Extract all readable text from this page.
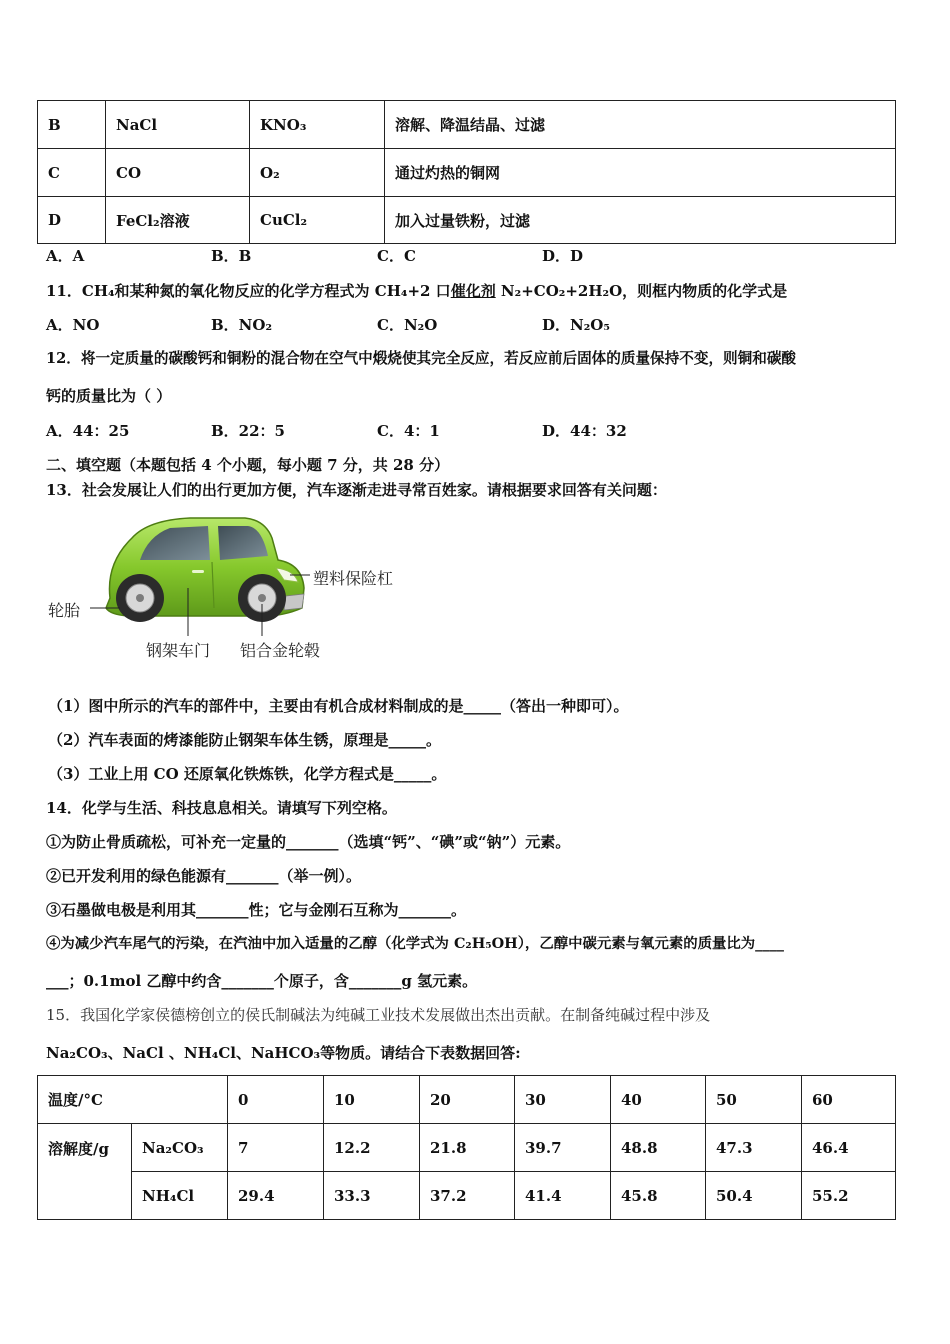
B	NaCl	KNO₃	溶解、降温结晶、过滤
C	CO	O₂	通过灼热的铜网
D	FeCl₂溶液	CuCl₂	加入过量铁粉，过滤
A．A	B．B	C．C	D．D
11．CH₄和某种氮的氧化物反应的化学方程式为 CH₄+2 口催化剂 N₂+CO₂+2H₂O，则框内物质的化学式是
A．NO	B．NO₂	C．N₂O	D．N₂O₅
12．将一定质量的碳酸钙和铜粉的混合物在空气中煅烧使其完全反应，若反应前后固体的质量保持不变，则铜和碳酸
钙的质量比为（ ）
A．44：25	B．22：5	C．4：1	D．44：32
二、填空题（本题包括 4 个小题，每小题 7 分，共 28 分）
13．社会发展让人们的出行更加方便，汽车逐渐走进寻常百姓家。请根据要求回答有关问题：
轮胎
塑料保险杠
钢架车门 铝合金轮毂
（1）图中所示的汽车的部件中，主要由有机合成材料制成的是_____（答出一种即可）。
（2）汽车表面的烤漆能防止钢架车体生锈，原理是_____。
（3）工业上用 CO 还原氧化铁炼铁，化学方程式是_____。
14．化学与生活、科技息息相关。请填写下列空格。
①为防止骨质疏松，可补充一定量的_______（选填“钙”、“碘”或“钠”）元素。
②已开发利用的绿色能源有_______（举一例）。
③石墨做电极是利用其_______性；它与金刚石互称为_______。
④为减少汽车尾气的污染，在汽油中加入适量的乙醇（化学式为 C₂H₅OH），乙醇中碳元素与氧元素的质量比为____
___；0.1mol 乙醇中约含_______个原子，含_______g 氢元素。
15．我国化学家侯德榜创立的侯氏制碱法为纯碱工业技术发展做出杰出贡献。在制备纯碱过程中涉及
Na₂CO₃、NaCl 、NH₄Cl、NaHCO₃等物质。请结合下表数据回答:
温度/°C		0	10	20	30	40	50	60
溶解度/g	Na₂CO₃	7	12.2	21.8	39.7	48.8	47.3	46.4
	NH₄Cl	29.4	33.3	37.2	41.4	45.8	50.4	55.2
